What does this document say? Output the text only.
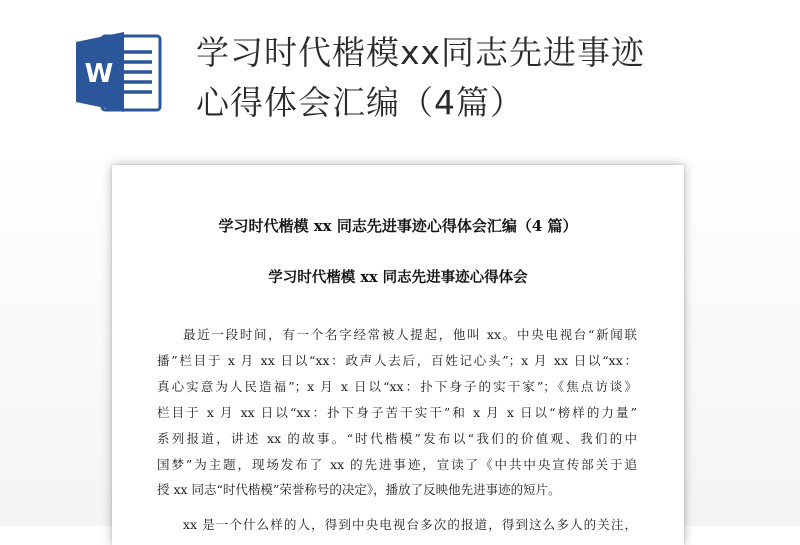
W
学习时代楷模xx同志先进事迹
心得体会汇编（4篇）
学习时代楷模 xx 同志先进事迹心得体会汇编（4 篇）
学习时代楷模 xx 同志先进事迹心得体会
最近一段时间，有一个名字经常被人提起，他叫 xx。中央电视台“新闻联
播”栏目于 x 月 xx 日以“xx：政声人去后，百姓记心头”；x 月 xx 日以“xx：
真心实意为人民造福”；x 月 x 日以“xx：扑下身子的实干家”；《焦点访谈》
栏目于 x 月 xx 日以“xx：扑下身子苦干实干”和 x 月 x 日以“榜样的力量”
系列报道，讲述 xx 的故事。“时代楷模”发布以“我们的价值观、我们的中
国梦”为主题，现场发布了 xx 的先进事迹，宣读了《中共中央宣传部关于追
授 xx 同志“时代楷模”荣誉称号的决定》，播放了反映他先进事迹的短片。
xx 是一个什么样的人，得到中央电视台多次的报道，得到这么多人的关注，
